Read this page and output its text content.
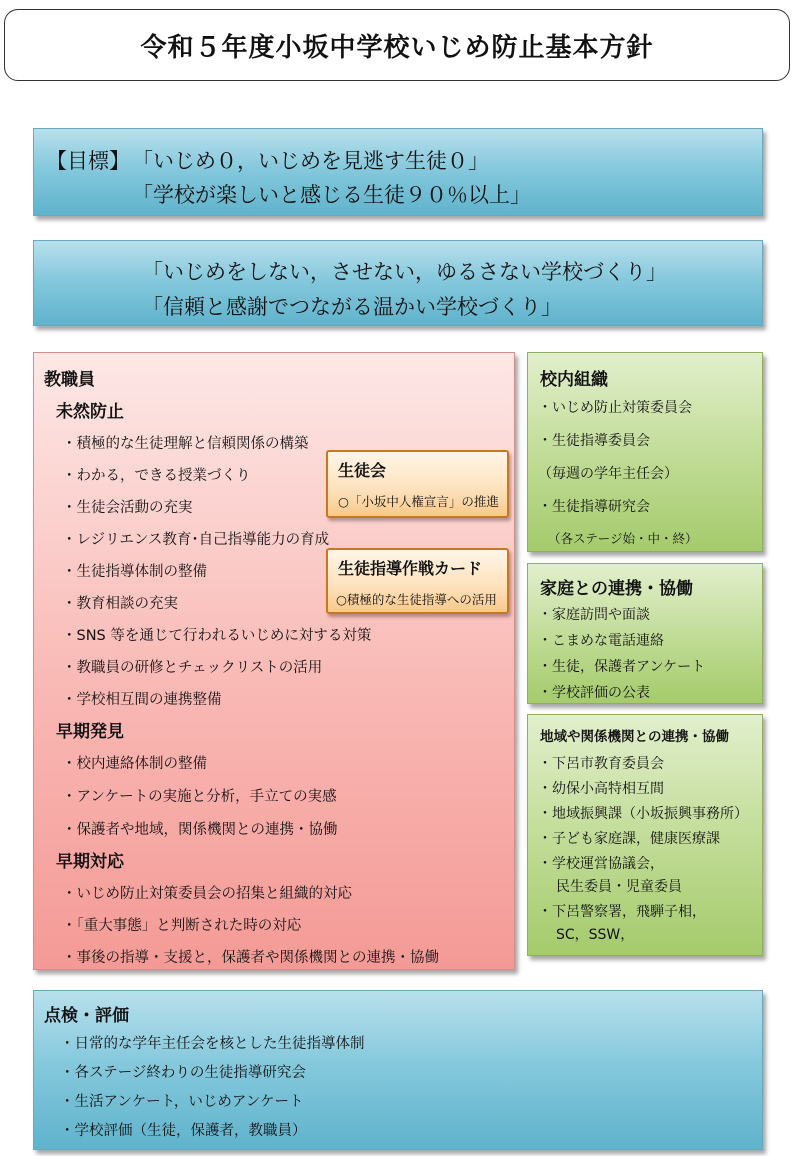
令和５年度小坂中学校いじめ防止基本方針
【目標】 「いじめ０，いじめを見逃す生徒０」
「学校が楽しいと感じる生徒９０％以上」
「いじめをしない，させない，ゆるさない学校づくり」
「信頼と感謝でつながる温かい学校づくり」
教職員
未然防止
・積極的な生徒理解と信頼関係の構築
・わかる，できる授業づくり
・生徒会活動の充実
・レジリエンス教育･自己指導能力の育成
・生徒指導体制の整備
・教育相談の充実
・SNS 等を通じて行われるいじめに対する対策
・教職員の研修とチェックリストの活用
・学校相互間の連携整備
早期発見
・校内連絡体制の整備
・アンケートの実施と分析，手立ての実感
・保護者や地域，関係機関との連携・協働
早期対応
・いじめ防止対策委員会の招集と組織的対応
・「重大事態」と判断された時の対応
・事後の指導・支援と，保護者や関係機関との連携・協働
生徒会
○「小坂中人権宣言」の推進
生徒指導作戦カード
○積極的な生徒指導への活用
校内組織
・いじめ防止対策委員会
・生徒指導委員会
（毎週の学年主任会）
・生徒指導研究会
（各ステージ始・中・終）
家庭との連携・協働
・家庭訪問や面談
・こまめな電話連絡
・生徒，保護者アンケート
・学校評価の公表
地域や関係機関との連携・協働
・下呂市教育委員会
・幼保小高特相互間
・地域振興課（小坂振興事務所）
・子ども家庭課，健康医療課
・学校運営協議会，
民生委員・児童委員
・下呂警察署，飛騨子相，
SC，SSW，
点検・評価
・日常的な学年主任会を核とした生徒指導体制
・各ステージ終わりの生徒指導研究会
・生活アンケート，いじめアンケート
・学校評価（生徒，保護者，教職員）
